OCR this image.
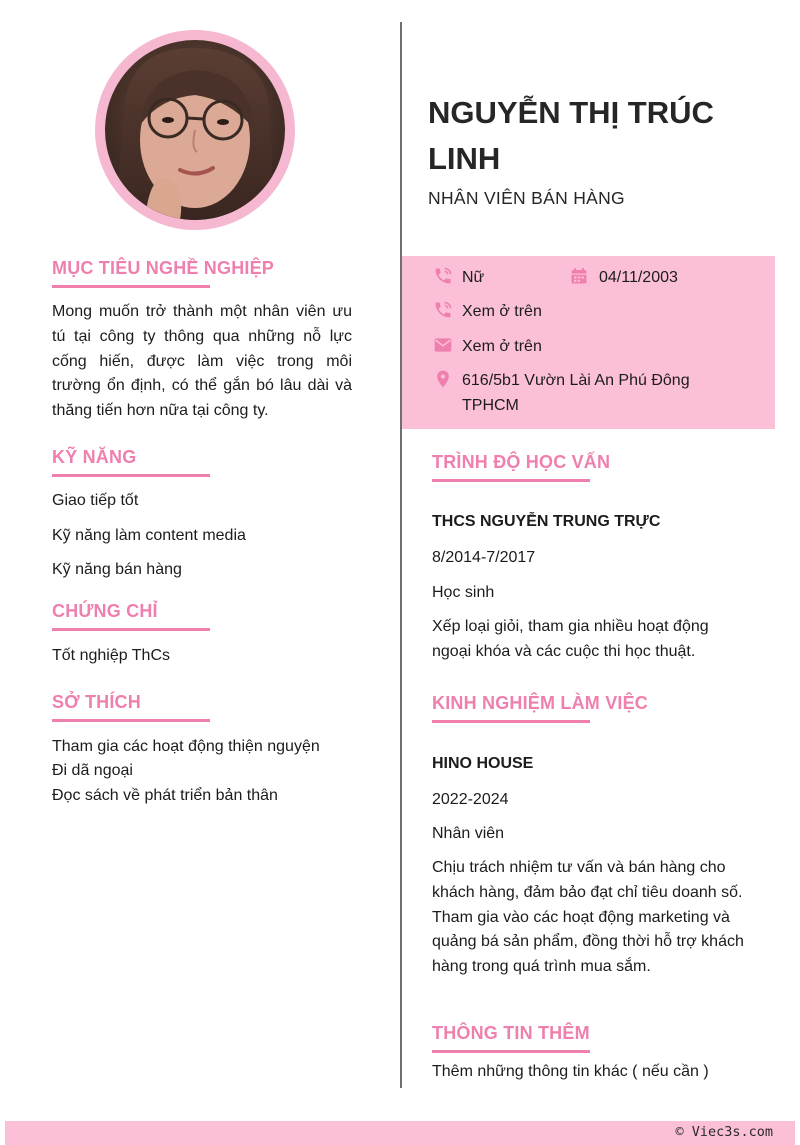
MỤC TIÊU NGHỀ NGHIỆP
Mong muốn trở thành một nhân viên ưu tú tại công ty thông qua những nỗ lực cống hiến, được làm việc trong môi trường ổn định, có thể gắn bó lâu dài và thăng tiến hơn nữa tại công ty.
KỸ NĂNG
Giao tiếp tốt
Kỹ năng làm content media
Kỹ năng bán hàng
CHỨNG CHỈ
Tốt nghiệp ThCs
SỞ THÍCH
Tham gia các hoạt động thiện nguyện
Đi dã ngoại
Đọc sách về phát triển bản thân
NGUYỄN THỊ TRÚC
LINH
NHÂN VIÊN BÁN HÀNG
Nữ	04/11/2003
Xem ở trên
Xem ở trên
616/5b1 Vườn Lài An Phú Đông
TPHCM
TRÌNH ĐỘ HỌC VẤN
THCS NGUYỄN TRUNG TRỰC
8/2014-7/2017
Học sinh
Xếp loại giỏi, tham gia nhiều hoạt động ngoại khóa và các cuộc thi học thuật.
KINH NGHIỆM LÀM VIỆC
HINO HOUSE
2022-2024
Nhân viên
Chịu trách nhiệm tư vấn và bán hàng cho khách hàng, đảm bảo đạt chỉ tiêu doanh số. Tham gia vào các hoạt động marketing và quảng bá sản phẩm, đồng thời hỗ trợ khách hàng trong quá trình mua sắm.
THÔNG TIN THÊM
Thêm những thông tin khác ( nếu cần )
© Viec3s.com
